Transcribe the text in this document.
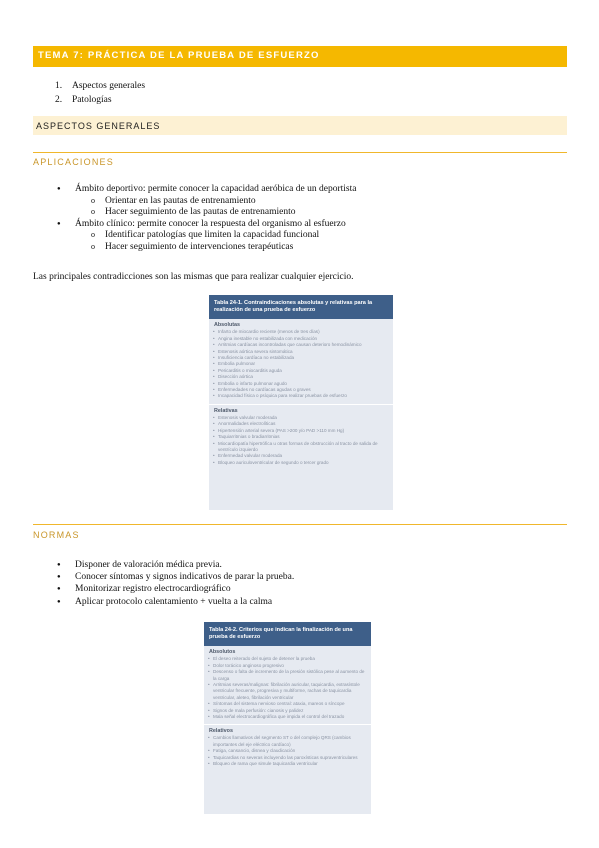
TEMA 7: PRÁCTICA DE LA PRUEBA DE ESFUERZO
1.	Aspectos generales
2.	Patologías
ASPECTOS GENERALES
APLICACIONES
● Ámbito deportivo: permite conocer la capacidad aeróbica de un deportista
o Orientar en las pautas de entrenamiento
o Hacer seguimiento de las pautas de entrenamiento
● Ámbito clínico: permite conocer la respuesta del organismo al esfuerzo
o Identificar patologías que limiten la capacidad funcional
o Hacer seguimiento de intervenciones terapéuticas
Las principales contradicciones son las mismas que para realizar cualquier ejercicio.
Tabla 24-1. Contraindicaciones absolutas y relativas para la realización de una prueba de esfuerzo
Absolutas
• Infarto de miocardio reciente (menos de tres días)
• Angina inestable no estabilizada con medicación
• Arritmias cardíacas incontroladas que causan deterioro hemodinámico
• Estenosis aórtica severa sintomática
• Insuficiencia cardíaca no estabilizada
• Embolia pulmonar
• Pericarditis o miocarditis aguda
• Disección aórtica
• Embolia o infarto pulmonar agudo
• Enfermedades no cardíacas agudas o graves
• Incapacidad física o psíquica para realizar pruebas de esfuerzo
Relativas
• Estenosis valvular moderada
• Anormalidades electrolíticas
• Hipertensión arterial severa (PAS >200 y/o PAD >110 mm Hg)
• Taquiarritmias o bradiarritmias
• Miocardiopatía hipertrófica u otras formas de obstrucción al tracto de salida de ventrículo izquierdo
• Enfermedad valvular moderada
• Bloqueo auriculoventricular de segundo o tercer grado
NORMAS
● Disponer de valoración médica previa.
● Conocer síntomas y signos indicativos de parar la prueba.
● Monitorizar registro electrocardiográfico
● Aplicar protocolo calentamiento + vuelta a la calma
Tabla 24-2. Criterios que indican la finalización de una prueba de esfuerzo
Absolutos
• El deseo reiterado del sujeto de detener la prueba
• Dolor torácico anginoso progresivo
• Descenso o falta de incremento de la presión sistólica pese al aumento de la carga
• Arritmias severas/malignas: fibrilación auricular, taquicardia, extrasístole ventricular frecuente, progresiva y multiforme, rachas de taquicardia ventricular, aleteo, fibrilación ventricular
• Síntomas del sistema nervioso central: ataxia, mareos o síncope
• Signos de mala perfusión: cianosis y palidez
• Mala señal electrocardiográfica que impida el control del trazado
Relativos
• Cambios llamativos del segmento ST o del complejo QRS (cambios importantes del eje eléctrico cardíaco)
• Fatiga, cansancio, disnea y claudicación
• Taquicardias no severas incluyendo las paroxísticas supraventriculares
• Bloqueo de rama que simule taquicardia ventricular
